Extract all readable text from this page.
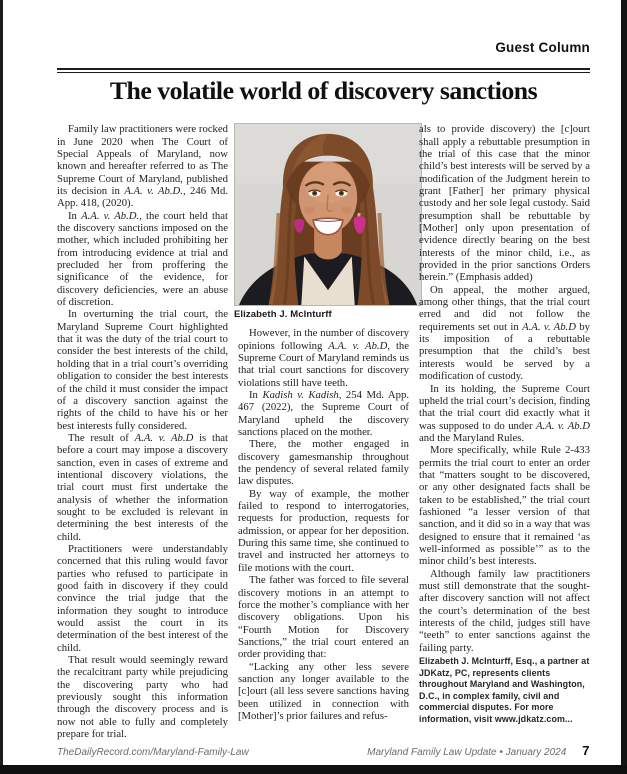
Guest Column
The volatile world of discovery sanctions

Family law practitioners were rocked in June 2020 when The Court of Special Appeals of Maryland, now known and hereafter referred to as The Supreme Court of Maryland, published its decision in A.A. v. Ab.D., 246 Md. App. 418, (2020).

In A.A. v. Ab.D., the court held that the discovery sanctions imposed on the mother, which included prohibiting her from introducing evidence at trial and precluded her from proffering the significance of the evidence, for discovery deficiencies, were an abuse of discretion.

In overturning the trial court, the Maryland Supreme Court highlighted that it was the duty of the trial court to consider the best interests of the child, holding that in a trial court’s overriding obligation to consider the best interests of the child it must consider the impact of a discovery sanction against the rights of the child to have his or her best interests fully considered.

The result of A.A. v. Ab.D is that before a court may impose a discovery sanction, even in cases of extreme and intentional discovery violations, the trial court must first undertake the analysis of whether the information sought to be excluded is relevant in determining the best interests of the child.

Practitioners were understandably concerned that this ruling would favor parties who refused to participate in good faith in discovery if they could convince the trial judge that the information they sought to introduce would assist the court in its determination of the best interest of the child.

That result would seemingly reward the recalcitrant party while prejudicing the discovering party who had previously sought this information through the discovery process and is now not able to fully and completely prepare for trial.

Elizabeth J. McInturff

However, in the number of discovery opinions following A.A. v. Ab.D, the Supreme Court of Maryland reminds us that trial court sanctions for discovery violations still have teeth.

In Kadish v. Kadish, 254 Md. App. 467 (2022), the Supreme Court of Maryland upheld the discovery sanctions placed on the mother.

There, the mother engaged in discovery gamesmanship throughout the pendency of several related family law disputes.

By way of example, the mother failed to respond to interrogatories, requests for production, requests for admission, or appear for her deposition. During this same time, she continued to travel and instructed her attorneys to file motions with the court.

The father was forced to file several discovery motions in an attempt to force the mother’s compliance with her discovery obligations. Upon his “Fourth Motion for Discovery Sanctions,” the trial court entered an order providing that:

“Lacking any other less severe sanction any longer available to the [c]ourt (all less severe sanctions having been utilized in connection with [Mother]’s prior failures and refus-

als to provide discovery) the [c]ourt shall apply a rebuttable presumption in the trial of this case that the minor child’s best interests will be served by a modification of the Judgment herein to grant [Father] her primary physical custody and her sole legal custody. Said presumption shall be rebuttable by [Mother] only upon presentation of evidence directly bearing on the best interests of the minor child, i.e., as provided in the prior sanctions Orders herein.” (Emphasis added)

On appeal, the mother argued, among other things, that the trial court erred and did not follow the requirements set out in A.A. v. Ab.D by its imposition of a rebuttable presumption that the child’s best interests would be served by a modification of custody.

In its holding, the Supreme Court upheld the trial court’s decision, finding that the trial court did exactly what it was supposed to do under A.A. v. Ab.D and the Maryland Rules.

More specifically, while Rule 2-433 permits the trial court to enter an order that “matters sought to be discovered, or any other designated facts shall be taken to be established,” the trial court fashioned “a lesser version of that sanction, and it did so in a way that was designed to ensure that it remained ‘as well-informed as possible’” as to the minor child’s best interests.

Although family law practitioners must still demonstrate that the sought-after discovery sanction will not affect the court’s determination of the best interests of the child, judges still have “teeth” to enter sanctions against the failing party.

Elizabeth J. McInturff, Esq., a partner at JDKatz, PC, represents clients throughout Maryland and Washington, D.C., in complex family, civil and commercial disputes. For more information, visit www.jdkatz.com...

TheDailyRecord.com/Maryland-Family-Law	Maryland Family Law Update • January 2024 7
